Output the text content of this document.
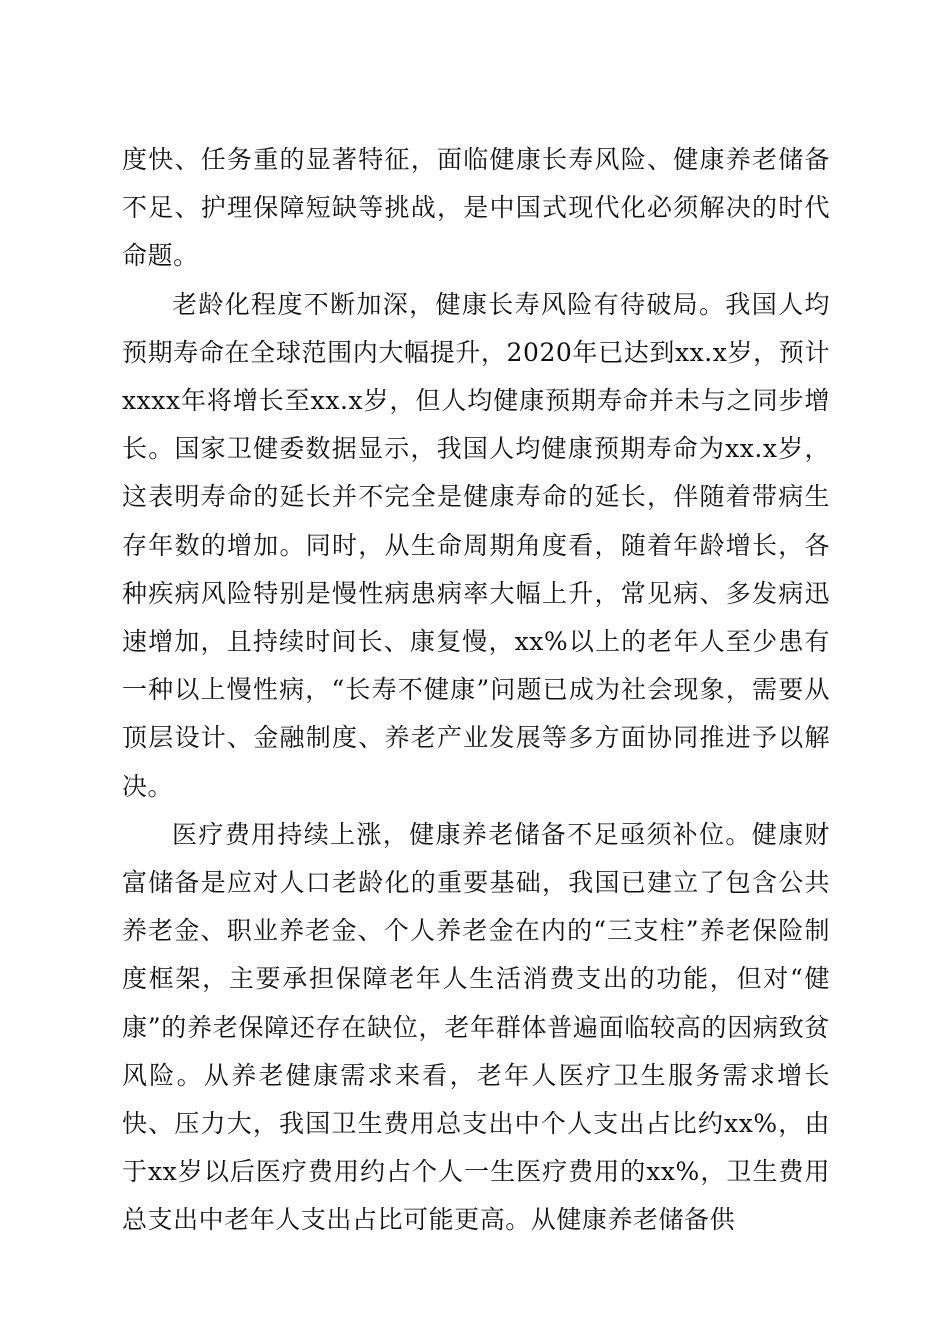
度快、任务重的显著特征，面临健康长寿风险、健康养老储备不足、护理保障短缺等挑战，是中国式现代化必须解决的时代命题。

老龄化程度不断加深，健康长寿风险有待破局。我国人均预期寿命在全球范围内大幅提升，2020年已达到xx.x岁，预计xxxx年将增长至xx.x岁，但人均健康预期寿命并未与之同步增长。国家卫健委数据显示，我国人均健康预期寿命为xx.x岁，这表明寿命的延长并不完全是健康寿命的延长，伴随着带病生存年数的增加。同时，从生命周期角度看，随着年龄增长，各种疾病风险特别是慢性病患病率大幅上升，常见病、多发病迅速增加，且持续时间长、康复慢，xx%以上的老年人至少患有一种以上慢性病，“长寿不健康”问题已成为社会现象，需要从顶层设计、金融制度、养老产业发展等多方面协同推进予以解决。

医疗费用持续上涨，健康养老储备不足亟须补位。健康财富储备是应对人口老龄化的重要基础，我国已建立了包含公共养老金、职业养老金、个人养老金在内的“三支柱”养老保险制度框架，主要承担保障老年人生活消费支出的功能，但对“健康”的养老保障还存在缺位，老年群体普遍面临较高的因病致贫风险。从养老健康需求来看，老年人医疗卫生服务需求增长快、压力大，我国卫生费用总支出中个人支出占比约xx%，由于xx岁以后医疗费用约占个人一生医疗费用的xx%，卫生费用总支出中老年人支出占比可能更高。从健康养老储备供
